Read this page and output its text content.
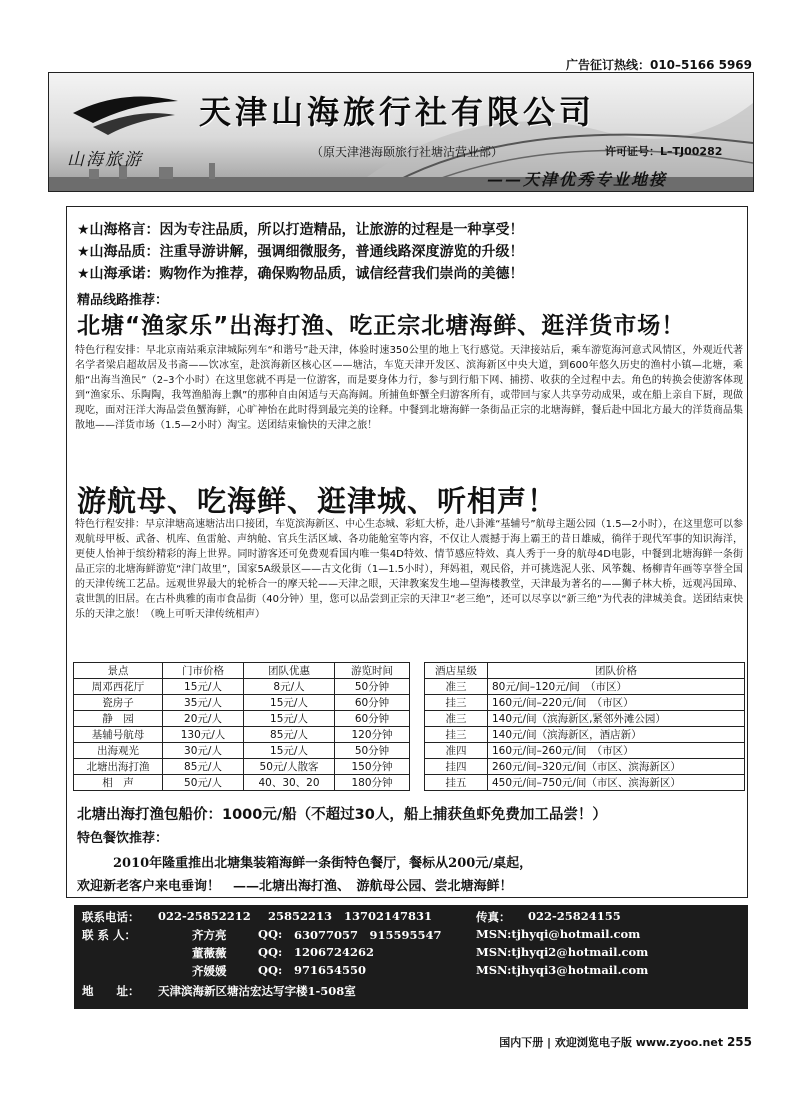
广告征订热线：010–5166 5969
山海旅游
天津山海旅行社有限公司
（原天津港海颐旅行社塘沽营业部）	许可证号：L–TJ00282
——天津优秀专业地接
★山海格言：因为专注品质，所以打造精品，让旅游的过程是一种享受！
★山海品质：注重导游讲解，强调细微服务，普通线路深度游览的升级！
★山海承诺：购物作为推荐，确保购物品质，诚信经营我们崇尚的美德！
精品线路推荐：
北塘“渔家乐”出海打渔、吃正宗北塘海鲜、逛洋货市场！
特色行程安排：早北京南站乘京津城际列车“和谐号”赴天津，体验时速350公里的地上飞行感觉。天津接站后，乘车游览海河意式风情区，外观近代著名学者梁启超故居及书斋——饮冰室，赴滨海新区核心区——塘沽，车览天津开发区、滨海新区中央大道，到600年悠久历史的渔村小镇—北塘，乘船“出海当渔民”（2–3个小时）在这里您就不再是一位游客，而是要身体力行，参与到行船下网、捕捞、收获的全过程中去。角色的转换会使游客体现到“渔家乐、乐陶陶，我驾渔船海上飘”的那种自由闲适与天高海阔。所捕鱼虾蟹全归游客所有，或带回与家人共享劳动成果，或在船上亲自下厨，现做现吃，面对汪洋大海品尝鱼蟹海鲜，心旷神怡在此时得到最完美的诠释。中餐到北塘海鲜一条街品正宗的北塘海鲜，餐后赴中国北方最大的洋货商品集散地——洋货市场（1.5—2小时）淘宝。送团结束愉快的天津之旅！
游航母、吃海鲜、逛津城、听相声！
特色行程安排：早京津塘高速塘沽出口接团，车览滨海新区、中心生态城、彩虹大桥，赴八卦滩“基辅号”航母主题公园（1.5—2小时），在这里您可以参观航母甲板、武备、机库、鱼雷舱、声纳舱、官兵生活区域、各功能舱室等内容，不仅让人震撼于海上霸王的昔日雄威，徜徉于现代军事的知识海洋，更使人怡神于缤纷精彩的海上世界。同时游客还可免费观看国内唯一集4D特效、情节感应特效、真人秀于一身的航母4D电影，中餐到北塘海鲜一条街品正宗的北塘海鲜游览“津门故里”，国家5A级景区——古文化街（1—1.5小时），拜妈祖，观民俗，并可挑选泥人张、风筝魏、杨柳青年画等享誉全国的天津传统工艺品。远观世界最大的轮桥合一的摩天轮——天津之眼，天津教案发生地—望海楼教堂，天津最为著名的——狮子林大桥，远观冯国璋、袁世凯的旧居。在古朴典雅的南市食品街（40分钟）里，您可以品尝到正宗的天津卫“老三绝”，还可以尽享以“新三绝”为代表的津城美食。送团结束快乐的天津之旅！（晚上可听天津传统相声）
景点	门市价格	团队优惠	游览时间		酒店星级	团队价格
周邓西花厅	15元/人	8元/人	50分钟		准三	80元/间–120元/间　（市区）
瓷房子	35元/人	15元/人	60分钟		挂三	160元/间–220元/间　（市区）
静　园	20元/人	15元/人	60分钟		准三	140元/间（滨海新区,紧邻外滩公园）
基辅号航母	130元/人	85元/人	120分钟		挂三	140元/间（滨海新区，酒店新）
出海观光	30元/人	15元/人	50分钟		准四	160元/间–260元/间　（市区）
北塘出海打渔	85元/人	50元/人散客	150分钟		挂四	260元/间–320元/间（市区、滨海新区）
相　声	50元/人	40、30、20	180分钟		挂五	450元/间–750元/间（市区、滨海新区）
北塘出海打渔包船价：1000元/船（不超过30人，船上捕获鱼虾免费加工品尝！）
特色餐饮推荐：
2010年隆重推出北塘集装箱海鲜一条街特色餐厅，餐标从200元/桌起，
欢迎新老客户来电垂询！　——北塘出海打渔、　游航母公园、尝北塘海鲜！
联系电话： 022-25852212 25852213 13702147831	传真： 022-25824155
联 系 人：	齐方亮	QQ: 63077057　915595547	MSN:tjhyqi@hotmail.com
董薇薇	QQ: 1206724262	MSN:tjhyqi2@hotmail.com
齐媛媛	QQ: 971654550	MSN:tjhyqi3@hotmail.com
地　　址： 天津滨海新区塘沽宏达写字楼1-508室
国内下册 | 欢迎浏览电子版 www.zyoo.net 255
